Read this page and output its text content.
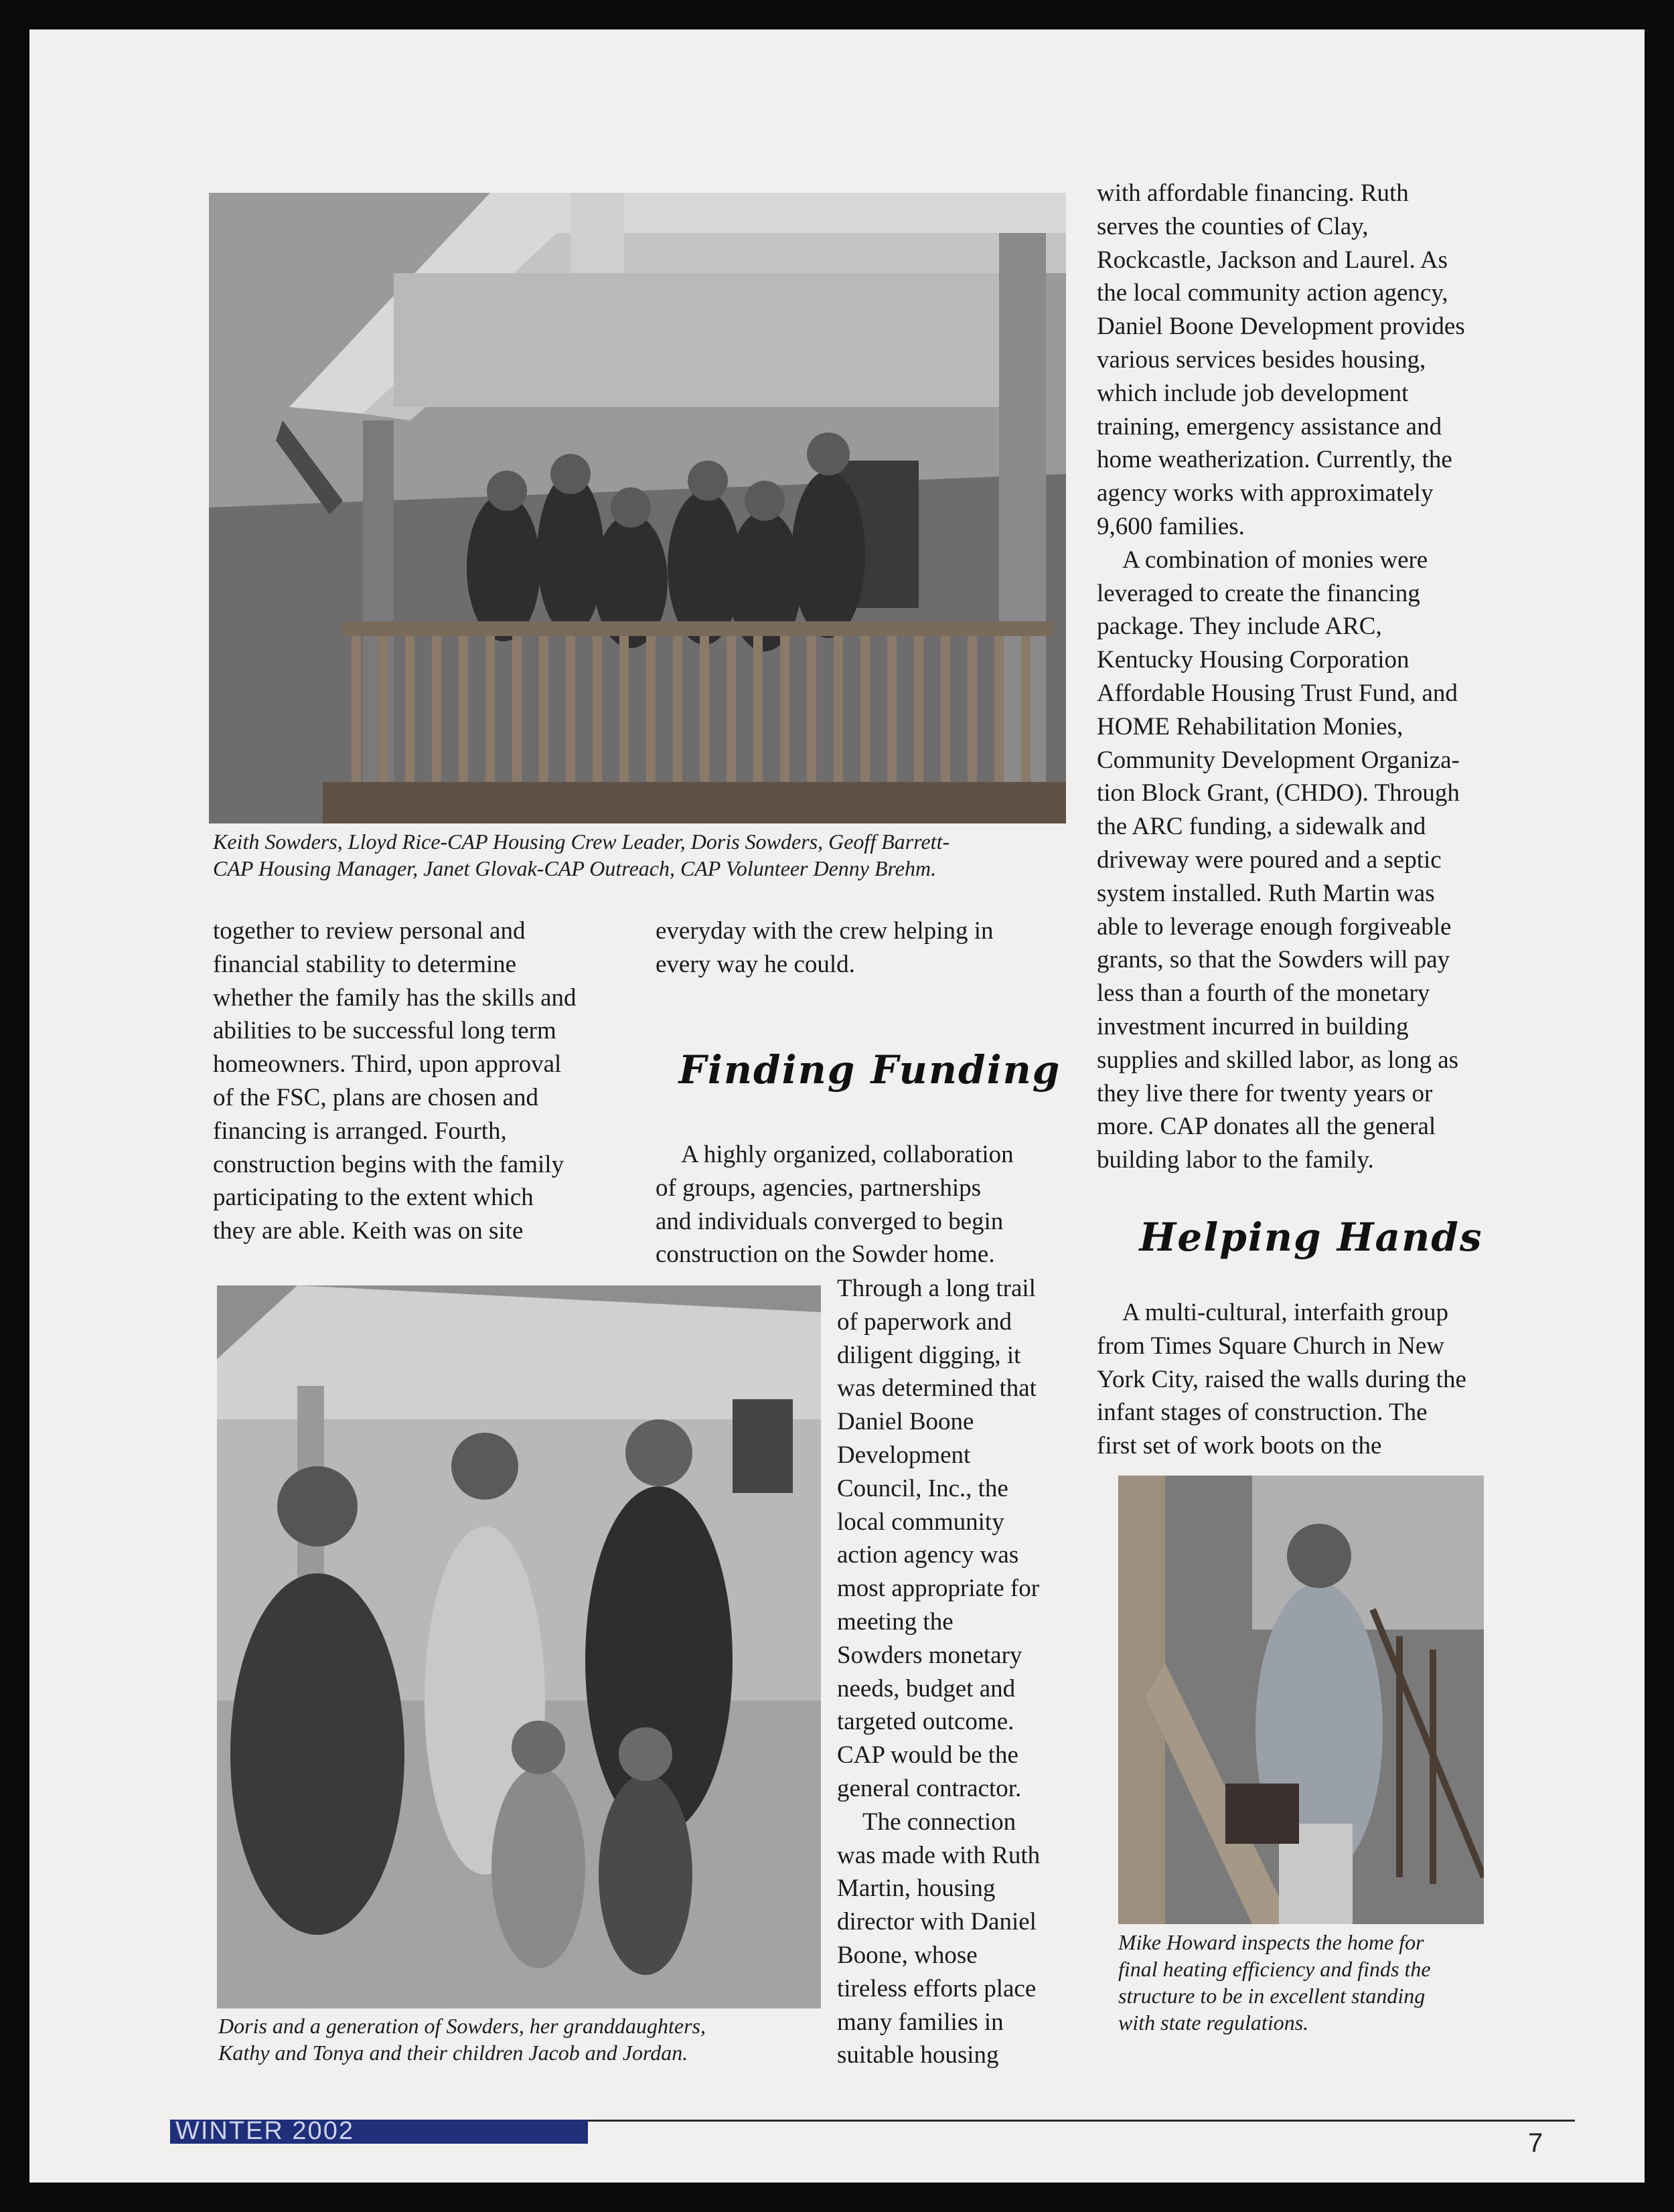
Keith Sowders, Lloyd Rice-CAP Housing Crew Leader, Doris Sowders, Geoff Barrett-
CAP Housing Manager, Janet Glovak-CAP Outreach, CAP Volunteer Denny Brehm.

together to review personal and
financial stability to determine
whether the family has the skills and
abilities to be successful long term
homeowners. Third, upon approval
of the FSC, plans are chosen and
financing is arranged. Fourth,
construction begins with the family
participating to the extent which
they are able. Keith was on site

Doris and a generation of Sowders, her granddaughters,
Kathy and Tonya and their children Jacob and Jordan.

everyday with the crew helping in
every way he could.

Finding Funding

A highly organized, collaboration
of groups, agencies, partnerships
and individuals converged to begin
construction on the Sowder home.

Through a long trail
of paperwork and
diligent digging, it
was determined that
Daniel Boone
Development
Council, Inc., the
local community
action agency was
most appropriate for
meeting the
Sowders monetary
needs, budget and
targeted outcome.
CAP would be the
general contractor.

The connection
was made with Ruth
Martin, housing
director with Daniel
Boone, whose
tireless efforts place
many families in
suitable housing

with affordable financing. Ruth
serves the counties of Clay,
Rockcastle, Jackson and Laurel. As
the local community action agency,
Daniel Boone Development provides
various services besides housing,
which include job development
training, emergency assistance and
home weatherization. Currently, the
agency works with approximately
9,600 families.

A combination of monies were
leveraged to create the financing
package. They include ARC,
Kentucky Housing Corporation
Affordable Housing Trust Fund, and
HOME Rehabilitation Monies,
Community Development Organiza-
tion Block Grant, (CHDO). Through
the ARC funding, a sidewalk and
driveway were poured and a septic
system installed. Ruth Martin was
able to leverage enough forgiveable
grants, so that the Sowders will pay
less than a fourth of the monetary
investment incurred in building
supplies and skilled labor, as long as
they live there for twenty years or
more. CAP donates all the general
building labor to the family.

Helping Hands

A multi-cultural, interfaith group
from Times Square Church in New
York City, raised the walls during the
infant stages of construction. The
first set of work boots on the

Mike Howard inspects the home for
final heating efficiency and finds the
structure to be in excellent standing
with state regulations.

WINTER 2002	7
